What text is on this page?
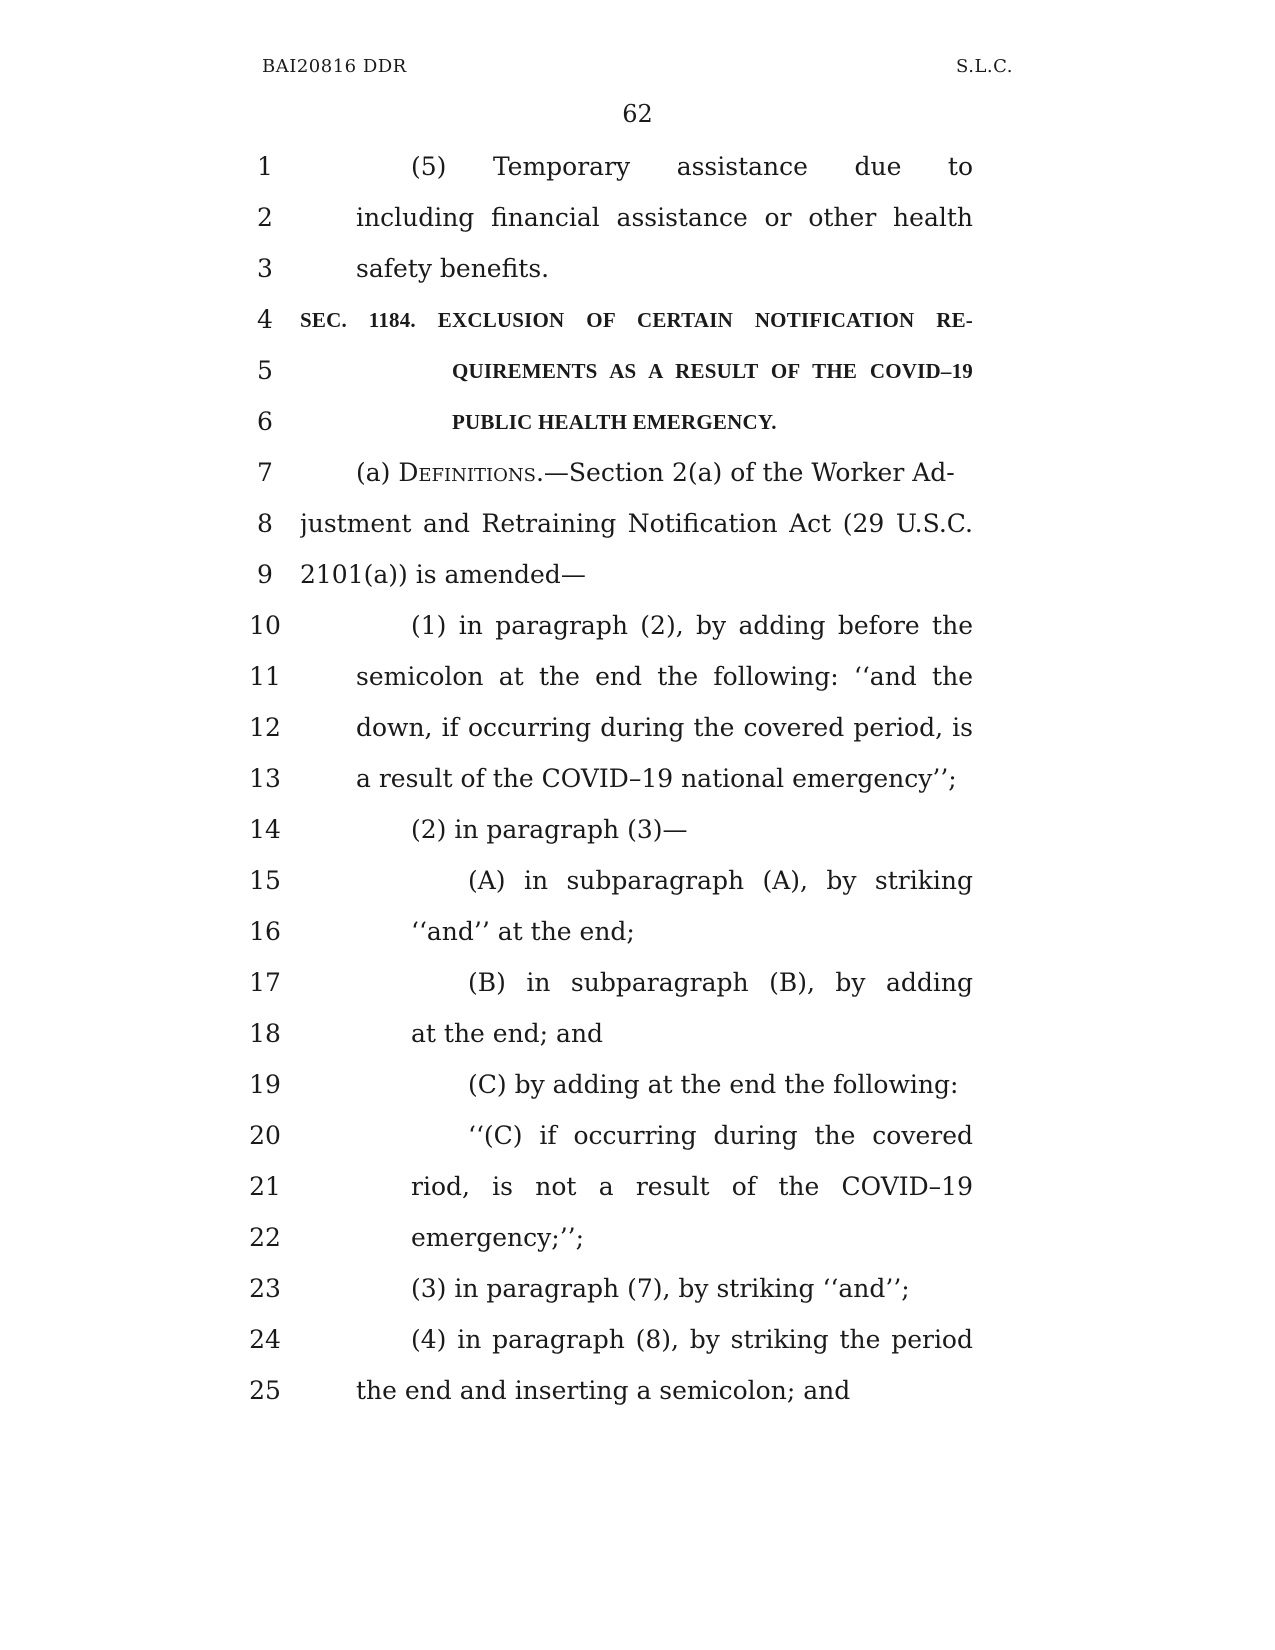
BAI20816 DDR	S.L.C.
62
1	(5) Temporary assistance due to
2	including financial assistance or other health
3	safety benefits.
4	SEC. 1184. EXCLUSION OF CERTAIN NOTIFICATION RE-
5	QUIREMENTS AS A RESULT OF THE COVID–19
6	PUBLIC HEALTH EMERGENCY.
7	(a) Definitions.—Section 2(a) of the Worker Ad-
8	justment and Retraining Notification Act (29 U.S.C.
9	2101(a)) is amended—
10	(1) in paragraph (2), by adding before the
11	semicolon at the end the following: ‘‘and the
12	down, if occurring during the covered period, is
13	a result of the COVID–19 national emergency’’;
14	(2) in paragraph (3)—
15	(A) in subparagraph (A), by striking
16	‘‘and’’ at the end;
17	(B) in subparagraph (B), by adding
18	at the end; and
19	(C) by adding at the end the following:
20	‘‘(C) if occurring during the covered
21	riod, is not a result of the COVID–19
22	emergency;’’;
23	(3) in paragraph (7), by striking ‘‘and’’;
24	(4) in paragraph (8), by striking the period
25	the end and inserting a semicolon; and
